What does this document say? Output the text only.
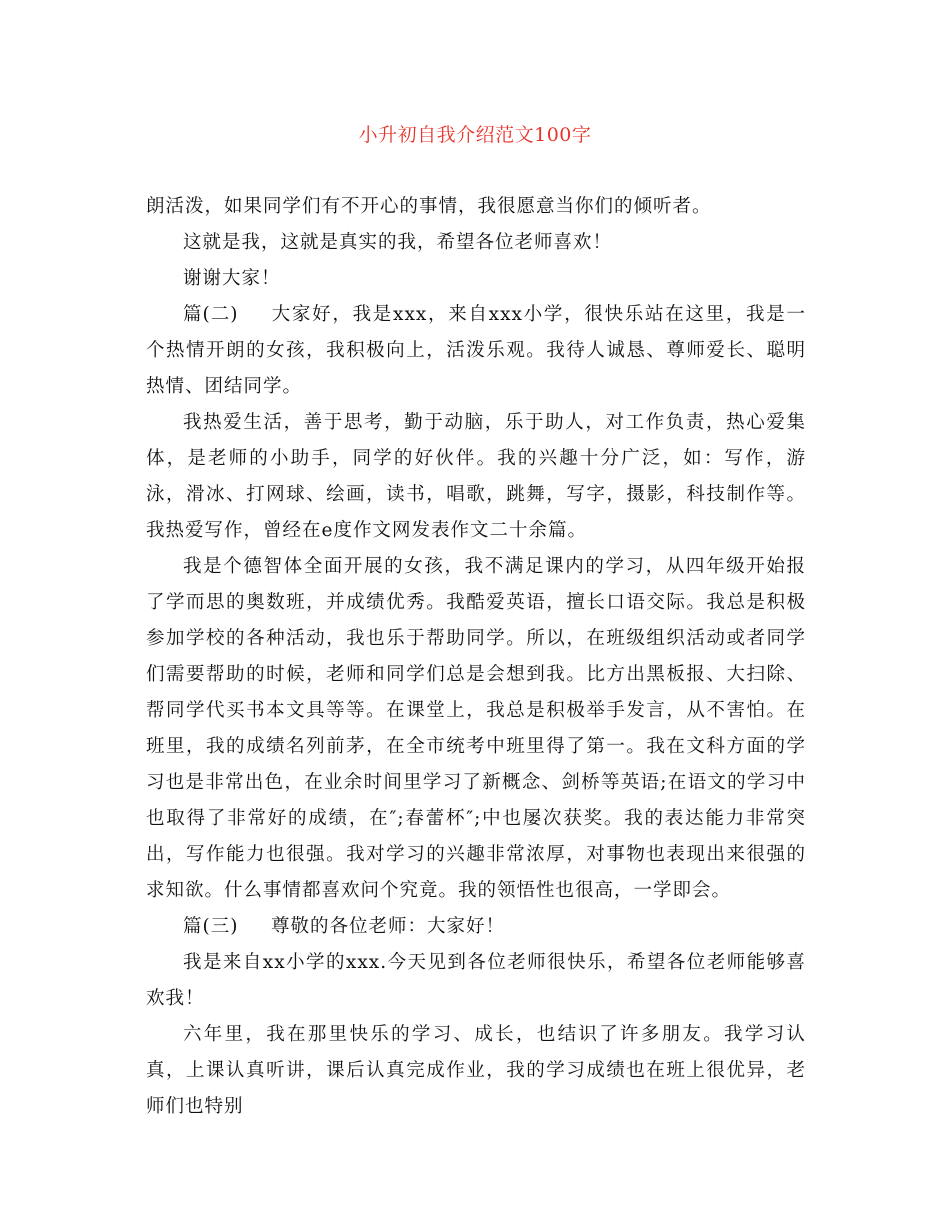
小升初自我介绍范文100字

朗活泼，如果同学们有不开心的事情，我很愿意当你们的倾听者。

这就是我，这就是真实的我，希望各位老师喜欢！

谢谢大家！

篇(二) 大家好，我是xxx，来自xxx小学，很快乐站在这里，我是一个热情开朗的女孩，我积极向上，活泼乐观。我待人诚恳、尊师爱长、聪明热情、团结同学。

我热爱生活，善于思考，勤于动脑，乐于助人，对工作负责，热心爱集体，是老师的小助手，同学的好伙伴。我的兴趣十分广泛，如：写作，游泳，滑冰、打网球、绘画，读书，唱歌，跳舞，写字，摄影，科技制作等。我热爱写作，曾经在e度作文网发表作文二十余篇。

我是个德智体全面开展的女孩，我不满足课内的学习，从四年级开始报了学而思的奥数班，并成绩优秀。我酷爱英语，擅长口语交际。我总是积极参加学校的各种活动，我也乐于帮助同学。所以，在班级组织活动或者同学们需要帮助的时候，老师和同学们总是会想到我。比方出黑板报、大扫除、帮同学代买书本文具等等。在课堂上，我总是积极举手发言，从不害怕。在班里，我的成绩名列前茅，在全市统考中班里得了第一。我在文科方面的学习也是非常出色，在业余时间里学习了新概念、剑桥等英语;在语文的学习中也取得了非常好的成绩，在″;春蕾杯″;中也屡次获奖。我的表达能力非常突出，写作能力也很强。我对学习的兴趣非常浓厚，对事物也表现出来很强的求知欲。什么事情都喜欢问个究竟。我的领悟性也很高，一学即会。

篇(三) 尊敬的各位老师：大家好！

我是来自xx小学的xxx.今天见到各位老师很快乐，希望各位老师能够喜欢我！

六年里，我在那里快乐的学习、成长，也结识了许多朋友。我学习认真，上课认真听讲，课后认真完成作业，我的学习成绩也在班上很优异，老师们也特别
